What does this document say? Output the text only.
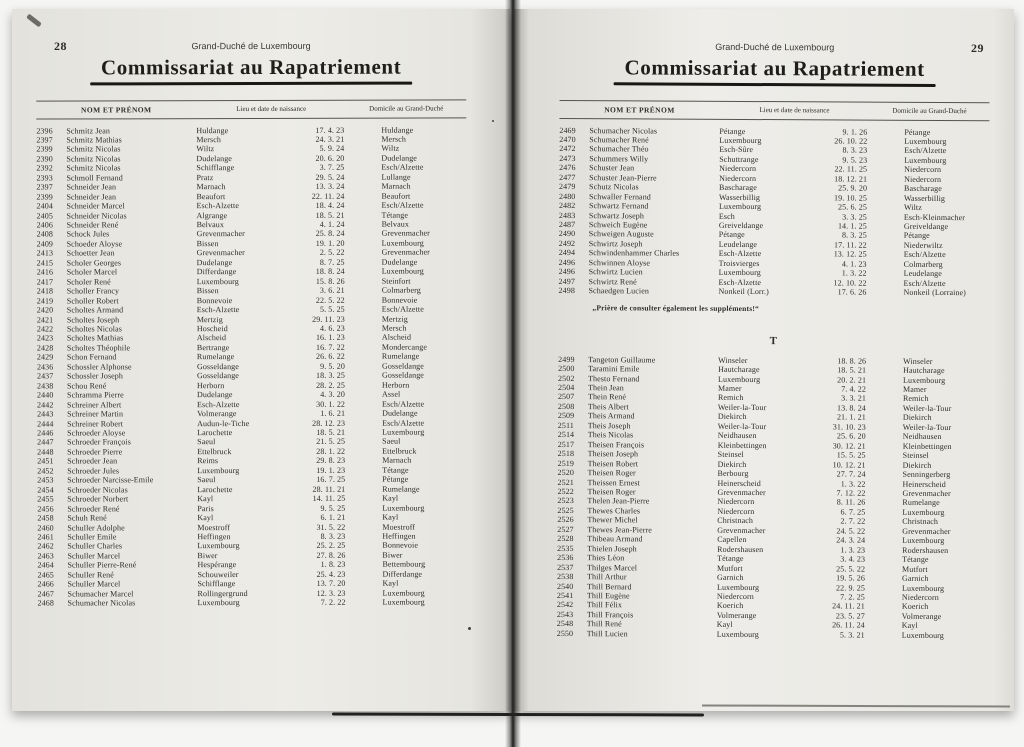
28	Grand-Duché de Luxembourg
Commissariat au Rapatriement
NOM ET PRÉNOM	Lieu et date de naissance	Domicile au Grand-Duché
2396	Schmitz Jean	Huldange	17. 4. 23	Huldange
2397	Schmitz Mathias	Mersch	24. 3. 21	Mersch
2399	Schmitz Nicolas	Wiltz	5. 9. 24	Wiltz
2390	Schmitz Nicolas	Dudelange	20. 6. 20	Dudelange
2392	Schmitz Nicolas	Schifflange	3. 7. 25	Esch/Alzette
2393	Schmoll Fernand	Pratz	29. 5. 24	Lullange
2397	Schneider Jean	Marnach	13. 3. 24	Marnach
2399	Schneider Jean	Beaufort	22. 11. 24	Beaufort
2404	Schneider Marcel	Esch-Alzette	18. 4. 24	Esch/Alzette
2405	Schneider Nicolas	Algrange	18. 5. 21	Tétange
2406	Schneider René	Belvaux	4. 1. 24	Belvaux
2408	Schock Jules	Grevenmacher	25. 8. 24	Grevenmacher
2409	Schoeder Aloyse	Bissen	19. 1. 20	Luxembourg
2413	Schoetter Jean	Grevenmacher	2. 5. 22	Grevenmacher
2415	Scholer Georges	Dudelange	8. 7. 25	Dudelange
2416	Scholer Marcel	Differdange	18. 8. 24	Luxembourg
2417	Scholer René	Luxembourg	15. 8. 26	Steinfort
2418	Scholler Francy	Bissen	3. 6. 21	Colmarberg
2419	Scholler Robert	Bonnevoie	22. 5. 22	Bonnevoie
2420	Scholtes Armand	Esch-Alzette	5. 5. 25	Esch/Alzette
2421	Scholtes Joseph	Mertzig	29. 11. 23	Mertzig
2422	Scholtes Nicolas	Hoscheid	4. 6. 23	Mersch
2423	Scholtes Mathias	Alscheid	16. 1. 23	Alscheid
2428	Scholtes Théophile	Bertrange	16. 7. 22	Mondercange
2429	Schon Fernand	Rumelange	26. 6. 22	Rumelange
2436	Schossler Alphonse	Gosseldange	9. 5. 20	Gosseldange
2437	Schossler Joseph	Gosseldange	18. 3. 25	Gosseldange
2438	Schou René	Herborn	28. 2. 25	Herborn
2440	Schramma Pierre	Dudelange	4. 3. 20	Assel
2442	Schreiner Albert	Esch-Alzette	30. 1. 22	Esch/Alzette
2443	Schreiner Martin	Volmerange	1. 6. 21	Dudelange
2444	Schreiner Robert	Audun-le-Tiche	28. 12. 23	Esch/Alzette
2446	Schroeder Aloyse	Larochette	18. 5. 21	Luxembourg
2447	Schroeder François	Saeul	21. 5. 25	Saeul
2448	Schroeder Pierre	Ettelbruck	28. 1. 22	Ettelbruck
2451	Schroeder Jean	Reims	29. 8. 23	Marnach
2452	Schroeder Jules	Luxembourg	19. 1. 23	Tétange
2453	Schroeder Narcisse-Emile	Saeul	16. 7. 25	Pétange
2454	Schroeder Nicolas	Larochette	28. 11. 21	Rumelange
2455	Schroeder Norbert	Kayl	14. 11. 25	Kayl
2456	Schroeder René	Paris	9. 5. 25	Luxembourg
2458	Schuh René	Kayl	6. 1. 21	Kayl
2460	Schuller Adolphe	Moestroff	31. 5. 22	Moestroff
2461	Schuller Emile	Heffingen	8. 3. 23	Heffingen
2462	Schuller Charles	Luxembourg	25. 2. 25	Bonnevoie
2463	Schuller Marcel	Biwer	27. 8. 26	Biwer
2464	Schuller Pierre-René	Hespérange	1. 8. 23	Bettembourg
2465	Schuller René	Schouweiler	25. 4. 23	Differdange
2466	Schuller Marcel	Schifflange	13. 7. 20	Kayl
2467	Schumacher Marcel	Rollingergrund	12. 3. 23	Luxembourg
2468	Schumacher Nicolas	Luxembourg	7. 2. 22	Luxembourg
29
Grand-Duché de Luxembourg
Commissariat au Rapatriement
NOM ET PRÉNOM	Lieu et date de naissance	Domicile au Grand-Duché
2469	Schumacher Nicolas	Pétange	9. 1. 26	Pétange
2470	Schumacher René	Luxembourg	26. 10. 22	Luxembourg
2472	Schumacher Théo	Esch-Sûre	8. 3. 23	Esch/Alzette
2473	Schummers Willy	Schuttrange	9. 5. 23	Luxembourg
2476	Schuster Jean	Niedercorn	22. 11. 25	Niedercorn
2477	Schuster Jean-Pierre	Niedercorn	18. 12. 21	Niedercorn
2479	Schutz Nicolas	Bascharage	25. 9. 20	Bascharage
2480	Schwaller Fernand	Wasserbillig	19. 10. 25	Wasserbillig
2482	Schwartz Fernand	Luxembourg	25. 6. 25	Wiltz
2483	Schwartz Joseph	Esch	3. 3. 25	Esch-Kleinmacher
2487	Schweich Eugène	Greiveldange	14. 1. 25	Greiveldange
2490	Schweigen Auguste	Pétange	8. 3. 25	Pétange
2492	Schwirtz Joseph	Leudelange	17. 11. 22	Niederwiltz
2494	Schwindenhammer Charles	Esch-Alzette	13. 12. 25	Esch/Alzette
2496	Schwinnen Aloyse	Troisvierges	4. 1. 23	Colmarberg
2496	Schwirtz Lucien	Luxembourg	1. 3. 22	Leudelange
2497	Schwirtz René	Esch-Alzette	12. 10. 22	Esch/Alzette
2498	Schaedgen Lucien	Nonkeil (Lorr.)	17. 6. 26	Nonkeil (Lorraine)
„Prière de consulter également les suppléments!“
T
2499	Tangeton Guillaume	Winseler	18. 8. 26	Winseler
2500	Taramini Emile	Hautcharage	18. 5. 21	Hautcharage
2502	Thesto Fernand	Luxembourg	20. 2. 21	Luxembourg
2504	Thein Jean	Mamer	7. 4. 22	Mamer
2507	Thein René	Remich	3. 3. 21	Remich
2508	Theis Albert	Weiler-la-Tour	13. 8. 24	Weiler-la-Tour
2509	Theis Armand	Diekirch	21. 1. 21	Diekirch
2511	Theis Joseph	Weiler-la-Tour	31. 10. 23	Weiler-la-Tour
2514	Theis Nicolas	Neidhausen	25. 6. 20	Neidhausen
2517	Theisen François	Kleinbettingen	30. 12. 21	Kleinbettingen
2518	Theisen Joseph	Steinsel	15. 5. 25	Steinsel
2519	Theisen Robert	Diekirch	10. 12. 21	Diekirch
2520	Theisen Roger	Berbourg	27. 7. 24	Senningerberg
2521	Theissen Ernest	Heinerscheid	1. 3. 22	Heinerscheid
2522	Theisen Roger	Grevenmacher	7. 12. 22	Grevenmacher
2523	Thelen Jean-Pierre	Niedercorn	8. 11. 26	Rumelange
2525	Thewes Charles	Niedercorn	6. 7. 25	Luxembourg
2526	Thewer Michel	Christnach	2. 7. 22	Christnach
2527	Thewes Jean-Pierre	Grevenmacher	24. 5. 22	Grevenmacher
2528	Thibeau Armand	Capellen	24. 3. 24	Luxembourg
2535	Thielen Joseph	Rodershausen	1. 3. 23	Rodershausen
2536	Thies Léon	Tétange	3. 4. 23	Tétange
2537	Thilges Marcel	Mutfort	25. 5. 22	Mutfort
2538	Thill Arthur	Garnich	19. 5. 26	Garnich
2540	Thill Bernard	Luxembourg	22. 9. 25	Luxembourg
2541	Thill Eugène	Niedercorn	7. 2. 25	Niedercorn
2542	Thill Félix	Koerich	24. 11. 21	Koerich
2543	Thill François	Volmerange	23. 5. 27	Volmerange
2548	Thill René	Kayl	26. 11. 24	Kayl
2550	Thill Lucien	Luxembourg	5. 3. 21	Luxembourg
